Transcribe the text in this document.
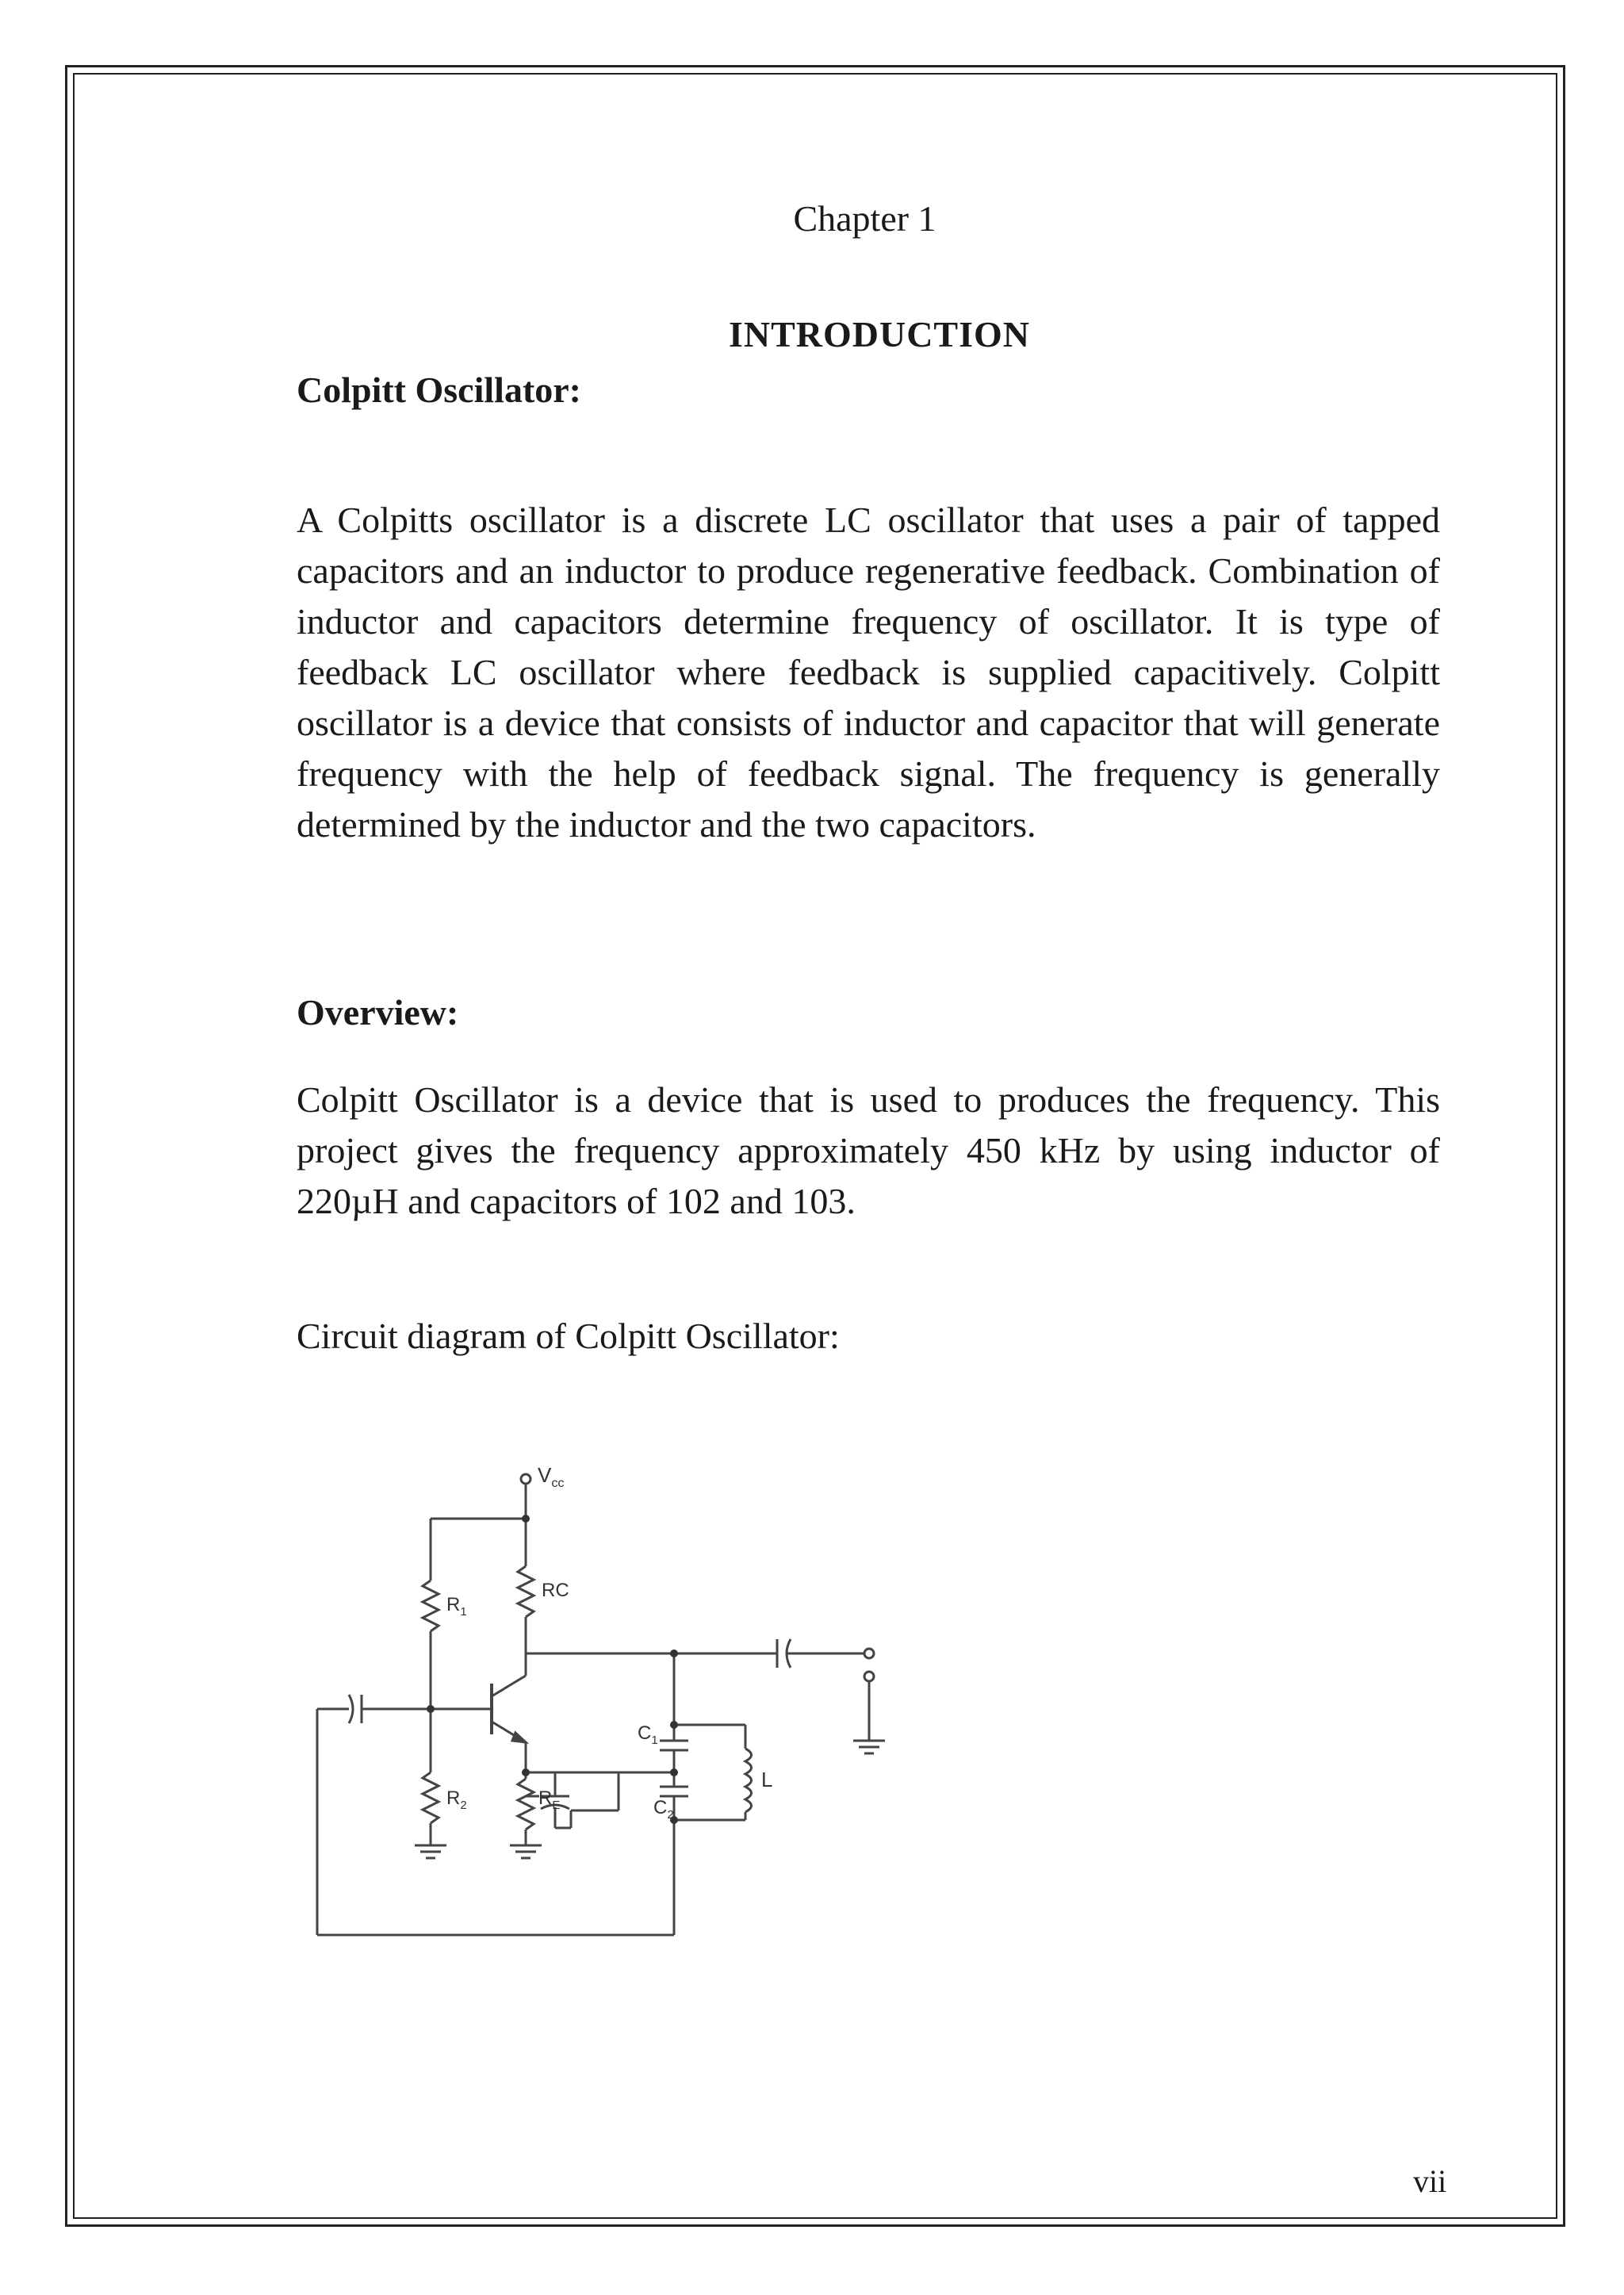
Chapter 1
INTRODUCTION
Colpitt Oscillator:

A Colpitts oscillator is a discrete LC oscillator that uses a pair of tapped capacitors and an inductor to produce regenerative feedback. Combination of inductor and capacitors determine frequency of oscillator. It is type of feedback LC oscillator where feedback is supplied capacitively. Colpitt oscillator is a device that consists of inductor and capacitor that will generate frequency with the help of feedback signal. The frequency is generally determined by the inductor and the two capacitors.

Overview:

Colpitt Oscillator is a device that is used to produces the frequency. This project gives the frequency approximately 450 kHz by using inductor of 220µH and capacitors of 102 and 103.

Circuit diagram of Colpitt Oscillator:
$V_{cc}$
RC
$R_1$
$R_2$	$R_E$
$C_1$
$C_2$
L
vii
